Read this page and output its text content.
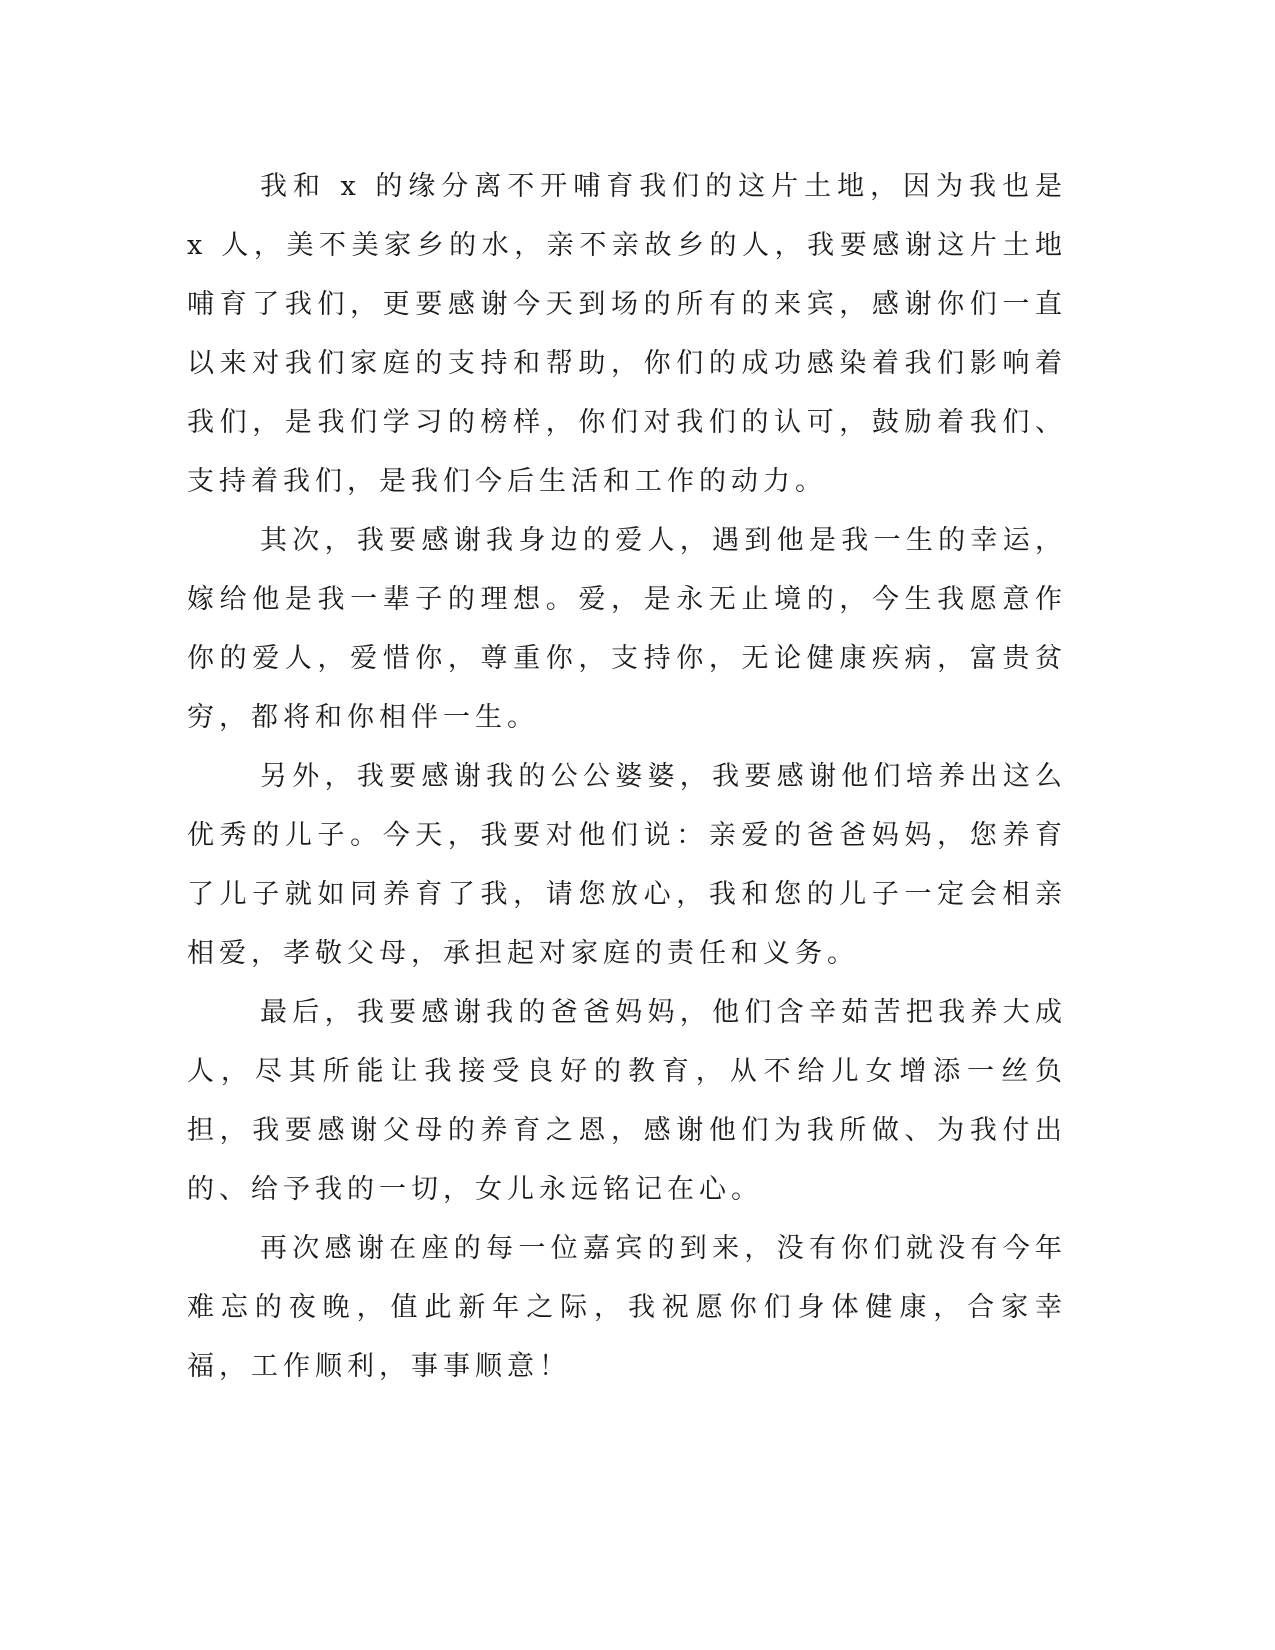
我和 x 的缘分离不开哺育我们的这片土地，因为我也是 x 人，美不美家乡的水，亲不亲故乡的人，我要感谢这片土地哺育了我们，更要感谢今天到场的所有的来宾，感谢你们一直以来对我们家庭的支持和帮助，你们的成功感染着我们影响着我们，是我们学习的榜样，你们对我们的认可，鼓励着我们、支持着我们，是我们今后生活和工作的动力。

其次，我要感谢我身边的爱人，遇到他是我一生的幸运，嫁给他是我一辈子的理想。爱，是永无止境的，今生我愿意作你的爱人，爱惜你，尊重你，支持你，无论健康疾病，富贵贫穷，都将和你相伴一生。

另外，我要感谢我的公公婆婆，我要感谢他们培养出这么优秀的儿子。今天，我要对他们说：亲爱的爸爸妈妈，您养育了儿子就如同养育了我，请您放心，我和您的儿子一定会相亲相爱，孝敬父母，承担起对家庭的责任和义务。

最后，我要感谢我的爸爸妈妈，他们含辛茹苦把我养大成人，尽其所能让我接受良好的教育，从不给儿女增添一丝负担，我要感谢父母的养育之恩，感谢他们为我所做、为我付出的、给予我的一切，女儿永远铭记在心。

再次感谢在座的每一位嘉宾的到来，没有你们就没有今年难忘的夜晚，值此新年之际，我祝愿你们身体健康，合家幸福，工作顺利，事事顺意！
